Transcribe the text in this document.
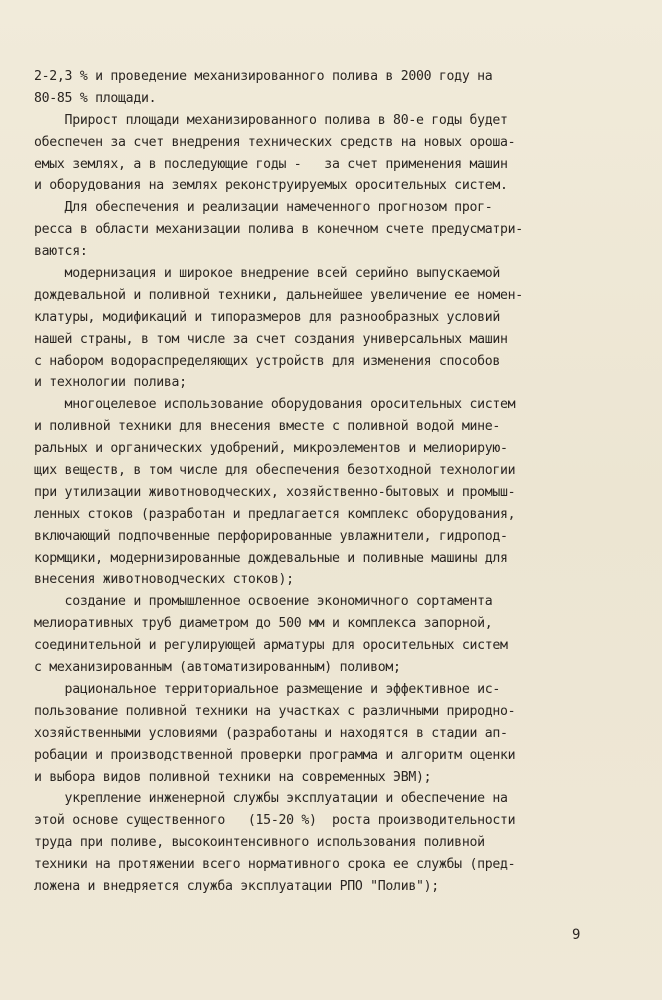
2-2,3 % и проведение механизированного полива в 2000 году на
80-85 % площади.
Прирост площади механизированного полива в 80-е годы будет
обеспечен за счет внедрения технических средств на новых ороша-
емых землях, а в последующие годы -   за счет применения машин
и оборудования на землях реконструируемых оросительных систем.
Для обеспечения и реализации намеченного прогнозом прог-
ресса в области механизации полива в конечном счете предусматри-
ваются:
модернизация и широкое внедрение всей серийно выпускаемой
дождевальной и поливной техники, дальнейшее увеличение ее номен-
клатуры, модификаций и типоразмеров для разнообразных условий
нашей страны, в том числе за счет создания универсальных машин
с набором водораспределяющих устройств для изменения способов
и технологии полива;
многоцелевое использование оборудования оросительных систем
и поливной техники для внесения вместе с поливной водой мине-
ральных и органических удобрений, микроэлементов и мелиорирую-
щих веществ, в том числе для обеспечения безотходной технологии
при утилизации животноводческих, хозяйственно-бытовых и промыш-
ленных стоков (разработан и предлагается комплекс оборудования,
включающий подпочвенные перфорированные увлажнители, гидропод-
кормщики, модернизированные дождевальные и поливные машины для
внесения животноводческих стоков);
создание и промышленное освоение экономичного сортамента
мелиоративных труб диаметром до 500 мм и комплекса запорной,
соединительной и регулирующей арматуры для оросительных систем
с механизированным (автоматизированным) поливом;
рациональное территориальное размещение и эффективное ис-
пользование поливной техники на участках с различными природно-
хозяйственными условиями (разработаны и находятся в стадии ап-
робации и производственной проверки программа и алгоритм оценки
и выбора видов поливной техники на современных ЭВМ);
укрепление инженерной службы эксплуатации и обеспечение на
этой основе существенного   (15-20 %)  роста производительности
труда при поливе, высокоинтенсивного использования поливной
техники на протяжении всего нормативного срока ее службы (пред-
ложена и внедряется служба эксплуатации РПО "Полив");
9
